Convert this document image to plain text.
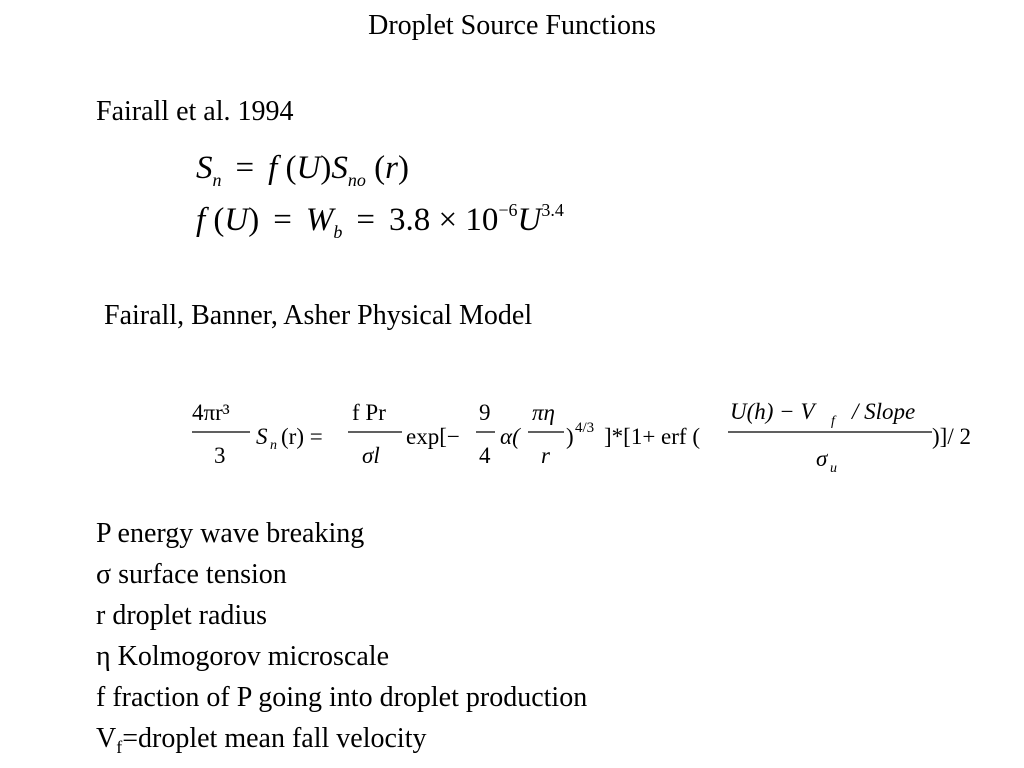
Droplet Source Functions
Fairall et al. 1994
$S_n = f$ $(U)S_{no}$ (r)
f $(U) = W_b = 3.8 \times 10^{-6}U^{3.4}$
Fairall, Banner, Asher Physical Model
4πr³
3
S n (r) =
f Pr
σl
exp[−
9
4
α(
πη
r
) 4/3 ]*[1+ erf (
U(h) − V f / Slope
σ u
)]/ 2
P energy wave breaking
σ surface tension
r droplet radius
η Kolmogorov microscale
f fraction of P going into droplet production
$V_f=droplet$ mean fall velocity
